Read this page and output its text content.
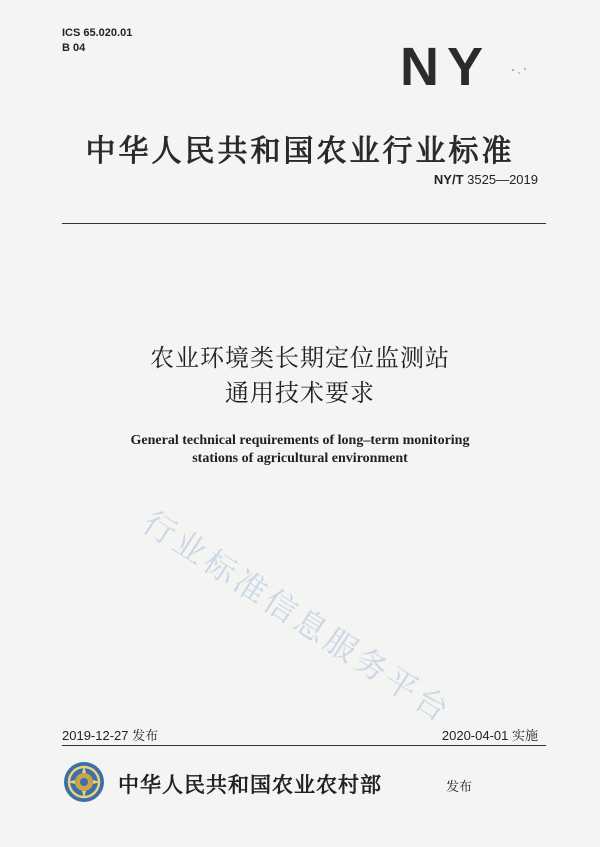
ICS 65.020.01
B 04	NY
中华人民共和国农业行业标准
NY/T 3525—2019
农业环境类长期定位监测站
通用技术要求
General technical requirements of long–term monitoring
stations of agricultural environment
行业标准信息服务平台
2019-12-27 发布	2020-04-01 实施
中华人民共和国农业农村部	发布
